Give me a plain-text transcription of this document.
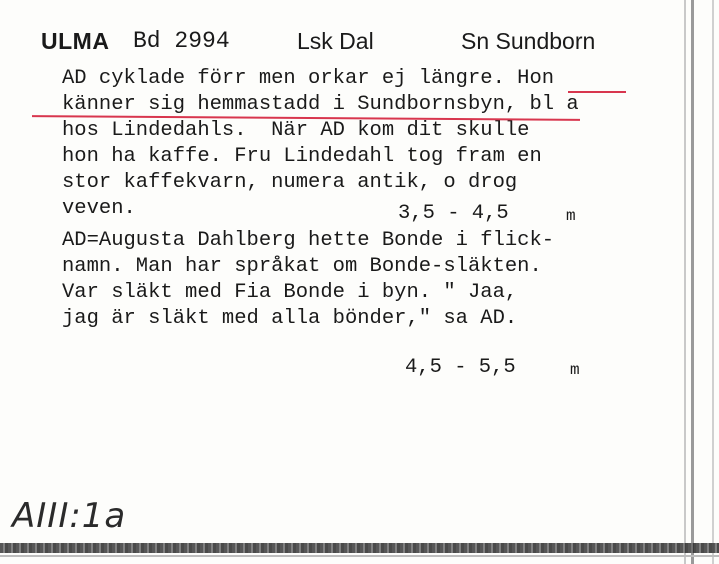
ULMA Bd 2994	Lsk Dal	Sn Sundborn
AD cyklade förr men orkar ej längre. Hon
känner sig hemmastadd i Sundbornsbyn, bl a
hos Lindedahls.  När AD kom dit skulle
hon ha kaffe. Fru Lindedahl tog fram en
stor kaffekvarn, numera antik, o drog
veven.
AD=Augusta Dahlberg hette Bonde i flick-
namn. Man har språkat om Bonde-släkten.
Var släkt med Fia Bonde i byn. " Jaa,
jag är släkt med alla bönder," sa AD.
3,5 - 4,5	m
4,5 - 5,5	m
AIII:1a
